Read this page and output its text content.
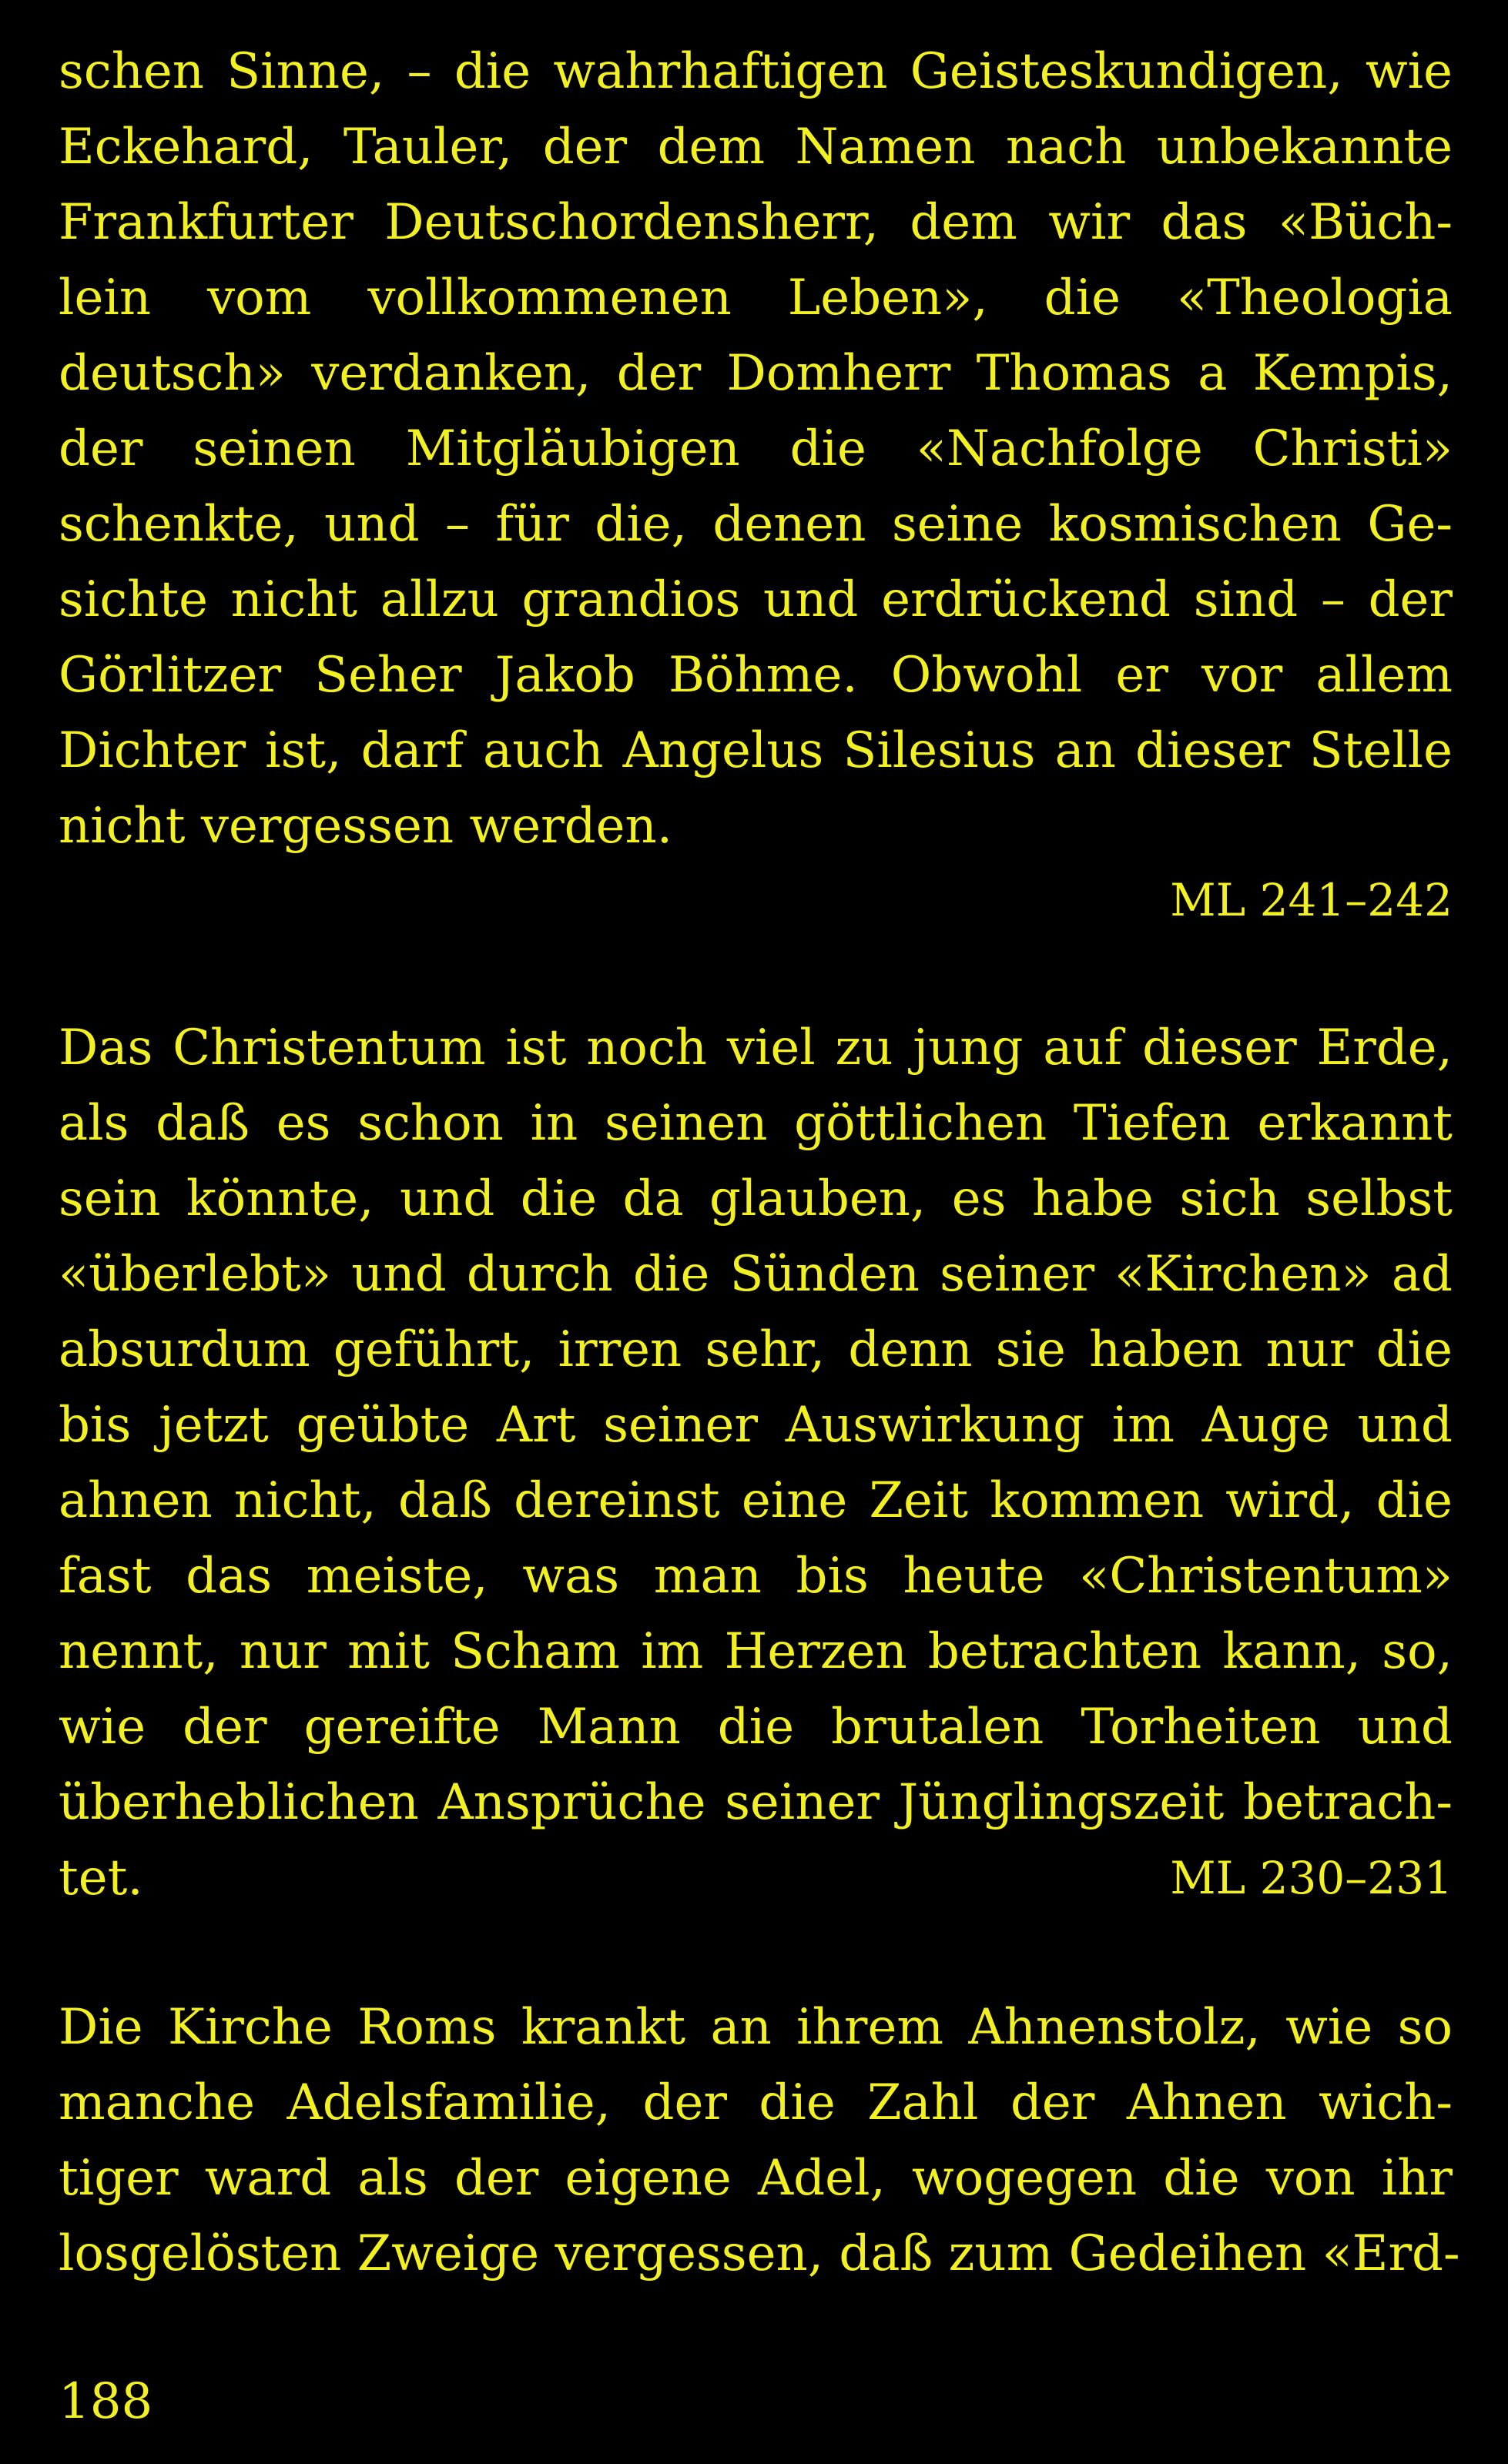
schen Sinne, – die wahrhaftigen Geisteskundigen, wie
Eckehard, Tauler, der dem Namen nach unbekannte
Frankfurter Deutschordensherr, dem wir das «Büch-
lein vom vollkommenen Leben», die «Theologia
deutsch» verdanken, der Domherr Thomas a Kempis,
der seinen Mitgläubigen die «Nachfolge Christi»
schenkte, und – für die, denen seine kosmischen Ge-
sichte nicht allzu grandios und erdrückend sind – der
Görlitzer Seher Jakob Böhme. Obwohl er vor allem
Dichter ist, darf auch Angelus Silesius an dieser Stelle
nicht vergessen werden.
ML 241–242
Das Christentum ist noch viel zu jung auf dieser Erde,
als daß es schon in seinen göttlichen Tiefen erkannt
sein könnte, und die da glauben, es habe sich selbst
«überlebt» und durch die Sünden seiner «Kirchen» ad
absurdum geführt, irren sehr, denn sie haben nur die
bis jetzt geübte Art seiner Auswirkung im Auge und
ahnen nicht, daß dereinst eine Zeit kommen wird, die
fast das meiste, was man bis heute «Christentum»
nennt, nur mit Scham im Herzen betrachten kann, so,
wie der gereifte Mann die brutalen Torheiten und
überheblichen Ansprüche seiner Jünglingszeit betrach-
tet.	ML 230–231
Die Kirche Roms krankt an ihrem Ahnenstolz, wie so
manche Adelsfamilie, der die Zahl der Ahnen wich-
tiger ward als der eigene Adel, wogegen die von ihr
losgelösten Zweige vergessen, daß zum Gedeihen «Erd-
188
